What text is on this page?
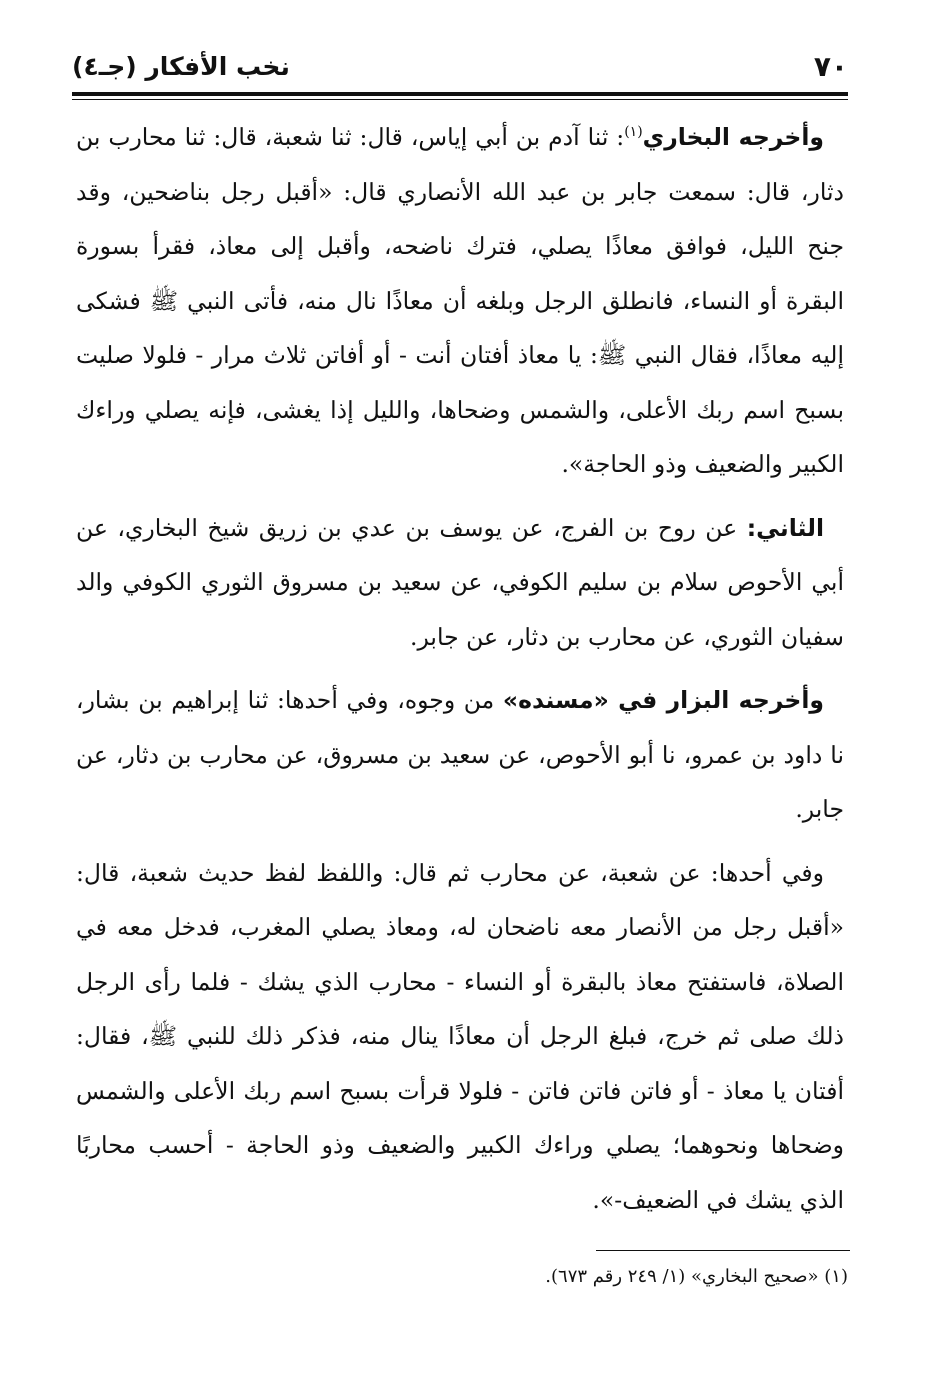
٧٠
نخب الأفكار (جـ٤)

وأخرجه البخاري$^{(١)}$: ثنا آدم بن أبي إياس، قال: ثنا شعبة، قال: ثنا محارب بن دثار، قال: سمعت جابر بن عبد الله الأنصاري قال: «أقبل رجل بناضحين، وقد جنح الليل، فوافق معاذًا يصلي، فترك ناضحه، وأقبل إلى معاذ، فقرأ بسورة البقرة أو النساء، فانطلق الرجل وبلغه أن معاذًا نال منه، فأتى النبي ﷺ فشكى إليه معاذًا، فقال النبي ﷺ: يا معاذ أفتان أنت - أو أفاتن ثلاث مرار - فلولا صليت بسبح اسم ربك الأعلى، والشمس وضحاها، والليل إذا يغشى، فإنه يصلي وراءك الكبير والضعيف وذو الحاجة».

الثاني: عن روح بن الفرج، عن يوسف بن عدي بن زريق شيخ البخاري، عن أبي الأحوص سلام بن سليم الكوفي، عن سعيد بن مسروق الثوري الكوفي والد سفيان الثوري، عن محارب بن دثار، عن جابر.

وأخرجه البزار في «مسنده» من وجوه، وفي أحدها: ثنا إبراهيم بن بشار، نا داود بن عمرو، نا أبو الأحوص، عن سعيد بن مسروق، عن محارب بن دثار، عن جابر.

وفي أحدها: عن شعبة، عن محارب ثم قال: واللفظ لفظ حديث شعبة، قال: «أقبل رجل من الأنصار معه ناضحان له، ومعاذ يصلي المغرب، فدخل معه في الصلاة، فاستفتح معاذ بالبقرة أو النساء - محارب الذي يشك - فلما رأى الرجل ذلك صلى ثم خرج، فبلغ الرجل أن معاذًا ينال منه، فذكر ذلك للنبي ﷺ، فقال: أفتان يا معاذ - أو فاتن فاتن فاتن - فلولا قرأت بسبح اسم ربك الأعلى والشمس وضحاها ونحوهما؛ يصلي وراءك الكبير والضعيف وذو الحاجة - أحسب محاربًا الذي يشك في الضعيف-».

(١) «صحيح البخاري» (١/ ٢٤٩ رقم ٦٧٣).
